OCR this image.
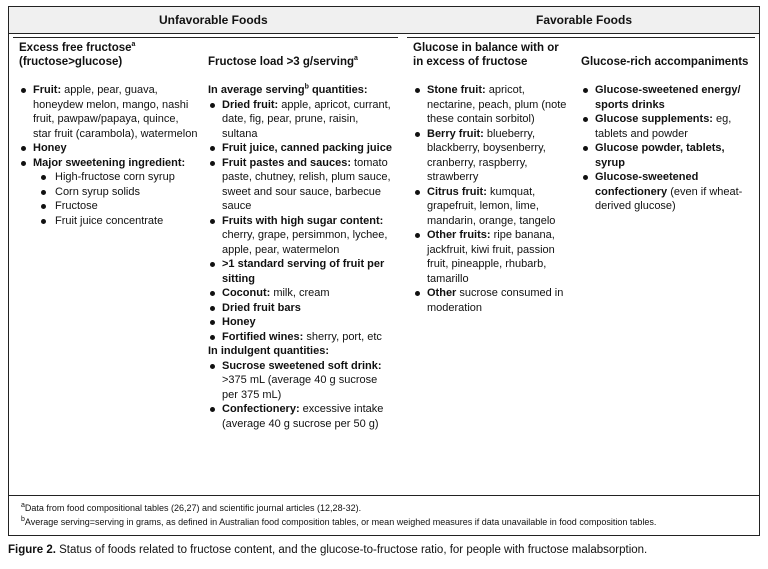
Unfavorable Foods	Favorable Foods
Excess free fructose$^a$
(fructose>glucose)
Fruit: apple, pear, guava, honeydew melon, mango, nashi fruit, pawpaw/papaya, quince, star fruit (carambola), watermelon
Honey
Major sweetening ingredient:
High-fructose corn syrup
Corn syrup solids
Fructose
Fruit juice concentrate
Fructose load >3 g/serving$^a$
In average serving$^b$ quantities:
Dried fruit: apple, apricot, currant, date, fig, pear, prune, raisin, sultana
Fruit juice, canned packing juice
Fruit pastes and sauces: tomato paste, chutney, relish, plum sauce, sweet and sour sauce, barbecue sauce
Fruits with high sugar content: cherry, grape, persimmon, lychee, apple, pear, watermelon
>1 standard serving of fruit per sitting
Coconut: milk, cream
Dried fruit bars
Honey
Fortified wines: sherry, port, etc
In indulgent quantities:
Sucrose sweetened soft drink: >375 mL (average 40 g sucrose per 375 mL)
Confectionery: excessive intake (average 40 g sucrose per 50 g)
Glucose in balance with or
in excess of fructose
Stone fruit: apricot, nectarine, peach, plum (note these contain sorbitol)
Berry fruit: blueberry, blackberry, boysenberry, cranberry, raspberry, strawberry
Citrus fruit: kumquat, grapefruit, lemon, lime, mandarin, orange, tangelo
Other fruits: ripe banana, jackfruit, kiwi fruit, passion fruit, pineapple, rhubarb, tamarillo
Other sucrose consumed in moderation
Glucose-rich accompaniments
Glucose-sweetened energy/ sports drinks
Glucose supplements: eg, tablets and powder
Glucose powder, tablets, syrup
Glucose-sweetened confectionery (even if wheat-derived glucose)
$^a$Data from food compositional tables (26,27) and scientific journal articles (12,28-32).
$^b$Average serving=serving in grams, as defined in Australian food composition tables, or mean weighed measures if data unavailable in food composition tables.
Figure 2. Status of foods related to fructose content, and the glucose-to-fructose ratio, for people with fructose malabsorption.
